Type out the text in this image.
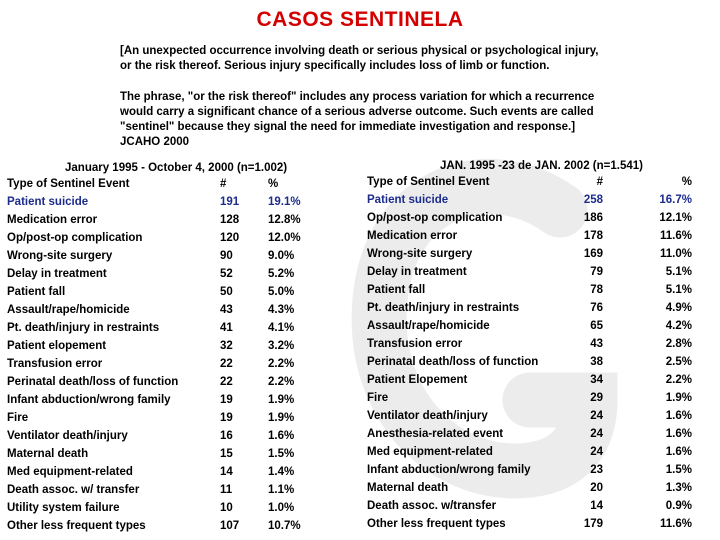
CASOS SENTINELA

[An unexpected occurrence involving death or serious physical or psychological injury,
or the risk thereof. Serious injury specifically includes loss of limb or function.

The phrase, "or the risk thereof" includes any process variation for which a recurrence
would carry a significant chance of a serious adverse outcome. Such events are called
"sentinel" because they signal the need for immediate investigation and response.]
JCAHO 2000

January 1995 - October 4, 2000 (n=1.002)
Type of Sentinel Event	#	%
Patient suicide	191	19.1%
Medication error	128	12.8%
Op/post-op complication	120	12.0%
Wrong-site surgery	90	9.0%
Delay in treatment	52	5.2%
Patient fall	50	5.0%
Assault/rape/homicide	43	4.3%
Pt. death/injury in restraints	41	4.1%
Patient elopement	32	3.2%
Transfusion error	22	2.2%
Perinatal death/loss of function	22	2.2%
Infant abduction/wrong family	19	1.9%
Fire	19	1.9%
Ventilator death/injury	16	1.6%
Maternal death	15	1.5%
Med equipment-related	14	1.4%
Death assoc. w/ transfer	11	1.1%
Utility system failure	10	1.0%
Other less frequent types	107	10.7%
JAN. 1995 -23 de JAN. 2002 (n=1.541)
Type of Sentinel Event	#	%
Patient suicide	258	16.7%
Op/post-op complication	186	12.1%
Medication error	178	11.6%
Wrong-site surgery	169	11.0%
Delay in treatment	79	5.1%
Patient fall	78	5.1%
Pt. death/injury in restraints	76	4.9%
Assault/rape/homicide	65	4.2%
Transfusion error	43	2.8%
Perinatal death/loss of function	38	2.5%
Patient Elopement	34	2.2%
Fire	29	1.9%
Ventilator death/injury	24	1.6%
Anesthesia-related event	24	1.6%
Med equipment-related	24	1.6%
Infant abduction/wrong family	23	1.5%
Maternal death	20	1.3%
Death assoc. w/transfer	14	0.9%
Other less frequent types	179	11.6%
